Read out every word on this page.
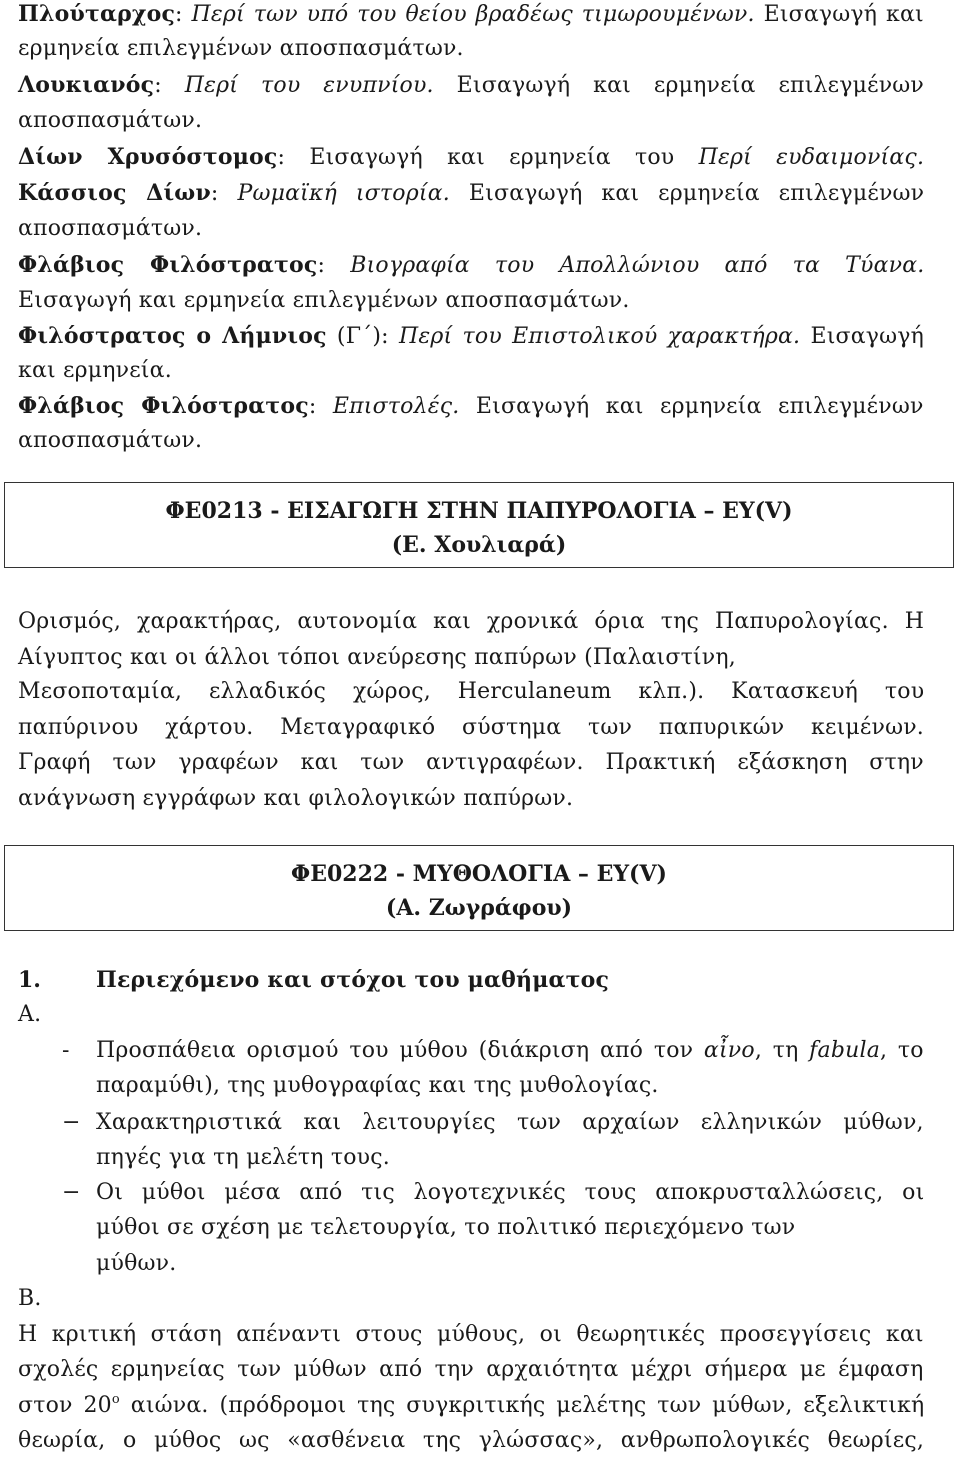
Πλούταρχος: Περί των υπό του θείου βραδέως τιμωρουμένων. Εισαγωγή και
ερμηνεία επιλεγμένων αποσπασμάτων.
Λουκιανός: Περί του ενυπνίου. Εισαγωγή και ερμηνεία επιλεγμένων
αποσπασμάτων.
Δίων Χρυσόστομος: Εισαγωγή και ερμηνεία του Περί ευδαιμονίας.
Κάσσιος Δίων: Ρωμαϊκή ιστορία. Εισαγωγή και ερμηνεία επιλεγμένων
αποσπασμάτων.
Φλάβιος Φιλόστρατος: Βιογραφία του Απολλώνιου από τα Τύανα.
Εισαγωγή και ερμηνεία επιλεγμένων αποσπασμάτων.
Φιλόστρατος ο Λήμνιος (Γ΄): Περί του Επιστολικού χαρακτήρα. Εισαγωγή
και ερμηνεία.
Φλάβιος Φιλόστρατος: Επιστολές. Εισαγωγή και ερμηνεία επιλεγμένων
αποσπασμάτων.
ΦΕ0213 - ΕΙΣΑΓΩΓΗ ΣΤΗΝ ΠΑΠΥΡΟΛΟΓΙΑ – ΕΥ(V)
(Ε. Χουλιαρά)
Ορισμός, χαρακτήρας, αυτονομία και χρονικά όρια της Παπυρολογίας. Η
Αίγυπτος και οι άλλοι τόποι ανεύρεσης παπύρων (Παλαιστίνη,
Μεσοποταμία, ελλαδικός χώρος, Herculaneum κλπ.). Κατασκευή του
παπύρινου χάρτου. Μεταγραφικό σύστημα των παπυρικών κειμένων.
Γραφή των γραφέων και των αντιγραφέων. Πρακτική εξάσκηση στην
ανάγνωση εγγράφων και φιλολογικών παπύρων.
ΦΕ0222 - ΜΥΘΟΛΟΓΙΑ – ΕΥ(V)
(Α. Ζωγράφου)
1.	Περιεχόμενο και στόχοι του μαθήματος
Α.
- Προσπάθεια ορισμού του μύθου (διάκριση από τον αἶνο, τη fabula, το
παραμύθι), της μυθογραφίας και της μυθολογίας.
− Χαρακτηριστικά και λειτουργίες των αρχαίων ελληνικών μύθων,
πηγές για τη μελέτη τους.
− Οι μύθοι μέσα από τις λογοτεχνικές τους αποκρυσταλλώσεις, οι
μύθοι σε σχέση με τελετουργία, το πολιτικό περιεχόμενο των
μύθων.
Β.
Η κριτική στάση απέναντι στους μύθους, οι θεωρητικές προσεγγίσεις και
σχολές ερμηνείας των μύθων από την αρχαιότητα μέχρι σήμερα με έμφαση
στον $20^o$ αιώνα. (πρόδρομοι της συγκριτικής μελέτης των μύθων, εξελικτική
θεωρία, ο μύθος ως «ασθένεια της γλώσσας», ανθρωπολογικές θεωρίες,
